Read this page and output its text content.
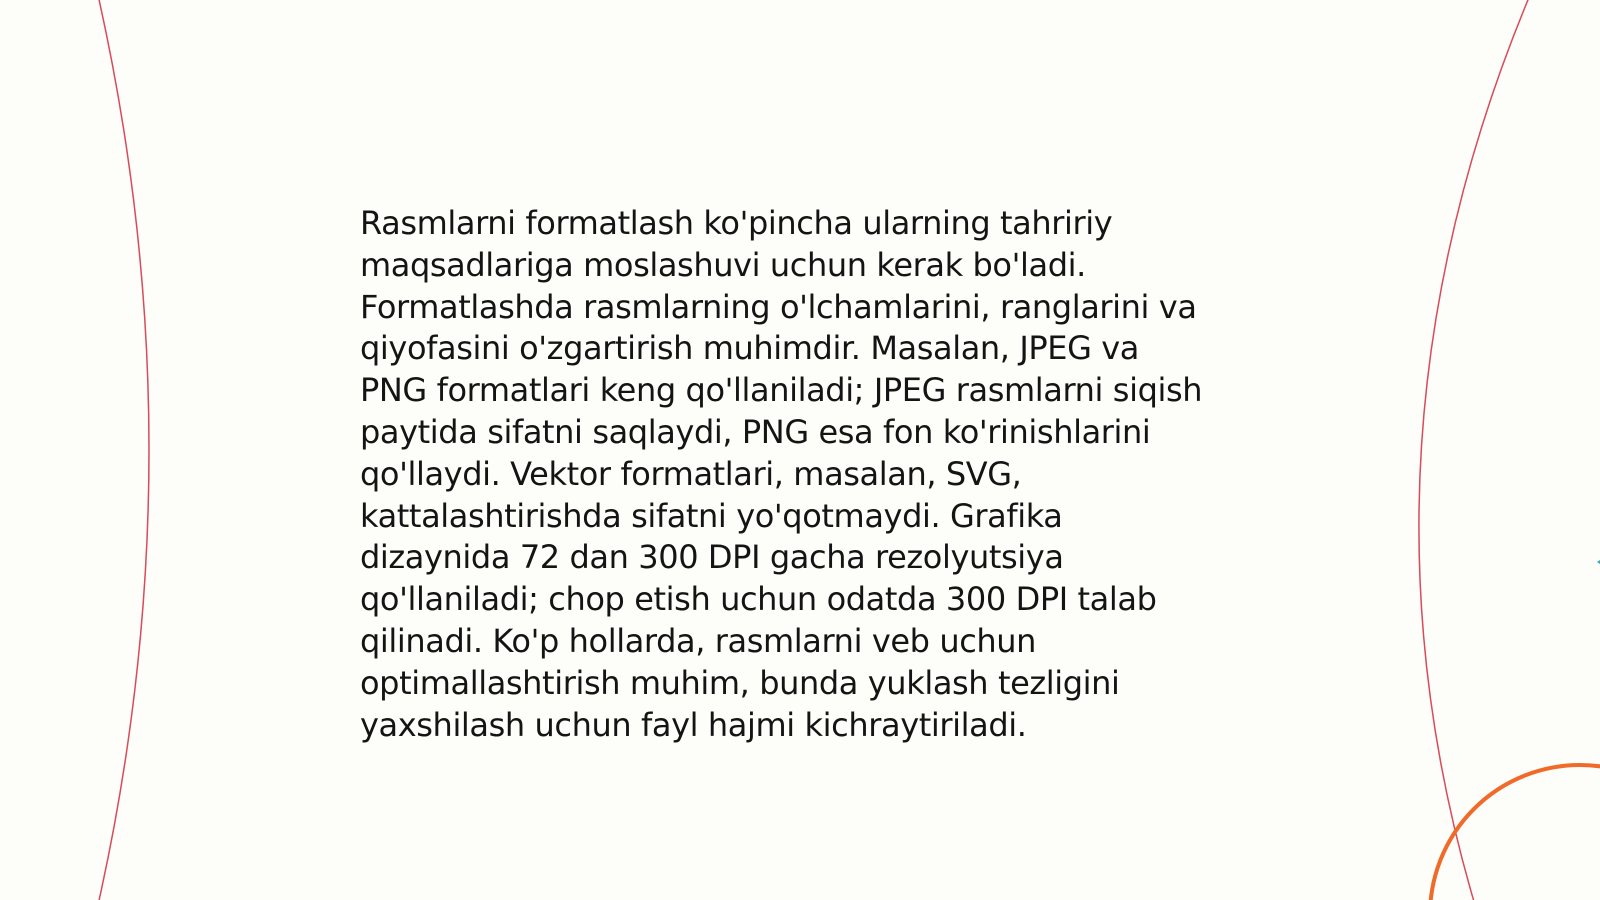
Rasmlarni formatlash ko'pincha ularning tahririy
maqsadlariga moslashuvi uchun kerak bo'ladi.
Formatlashda rasmlarning o'lchamlarini, ranglarini va
qiyofasini o'zgartirish muhimdir. Masalan, JPEG va
PNG formatlari keng qo'llaniladi; JPEG rasmlarni siqish
paytida sifatni saqlaydi, PNG esa fon ko'rinishlarini
qo'llaydi. Vektor formatlari, masalan, SVG,
kattalashtirishda sifatni yo'qotmaydi. Grafika
dizaynida 72 dan 300 DPI gacha rezolyutsiya
qo'llaniladi; chop etish uchun odatda 300 DPI talab
qilinadi. Ko'p hollarda, rasmlarni veb uchun
optimallashtirish muhim, bunda yuklash tezligini
yaxshilash uchun fayl hajmi kichraytiriladi.
